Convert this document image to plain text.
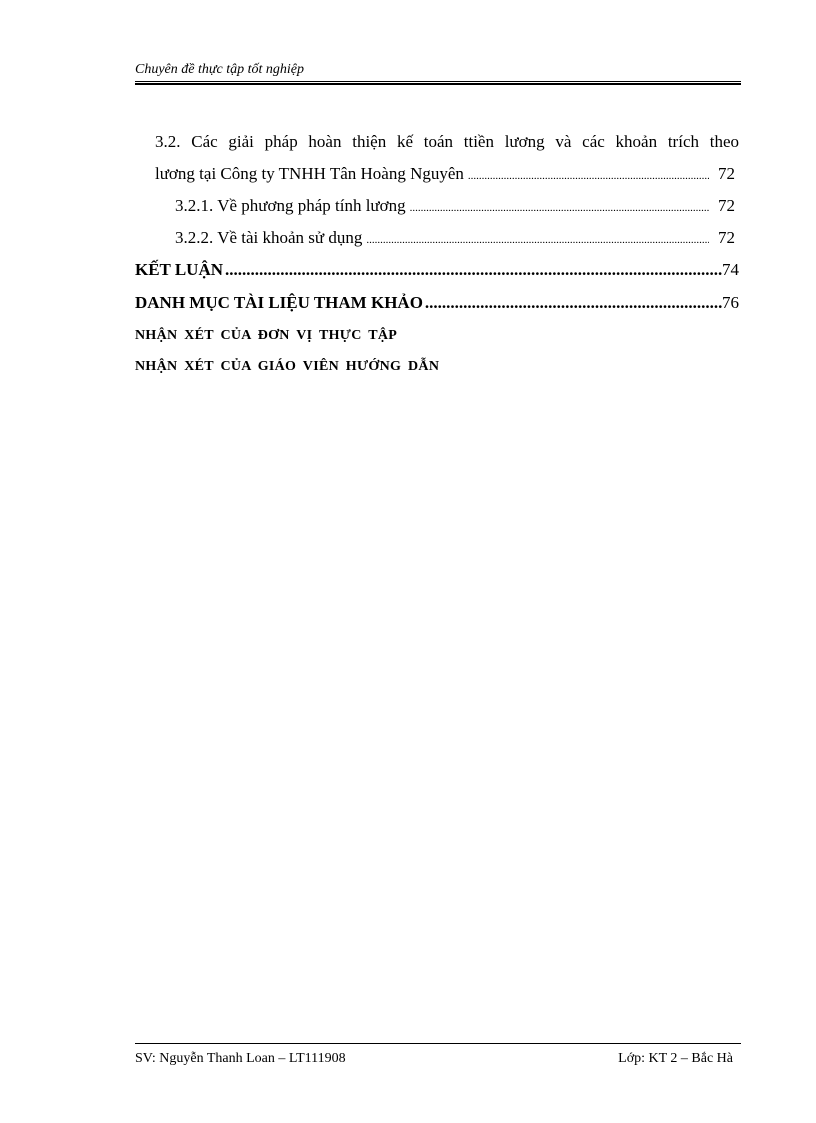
Chuyên đề thực tập tốt nghiệp
3.2. Các giải pháp hoàn thiện kế toán ttiền lương và các khoản trích theo
lương tại Công ty TNHH Tân Hoàng Nguyên .....	72
3.2.1. Về phương pháp tính lương .....	72
3.2.2. Về tài khoản sử dụng .....	72
KẾT LUẬN .....	74
DANH MỤC TÀI LIỆU THAM KHẢO .....	76
NHẬN XÉT CỦA ĐƠN VỊ THỰC TẬP
NHẬN XÉT CỦA GIÁO VIÊN HƯỚNG DẪN
SV: Nguyễn Thanh Loan – LT111908	Lớp: KT 2 – Bắc Hà
